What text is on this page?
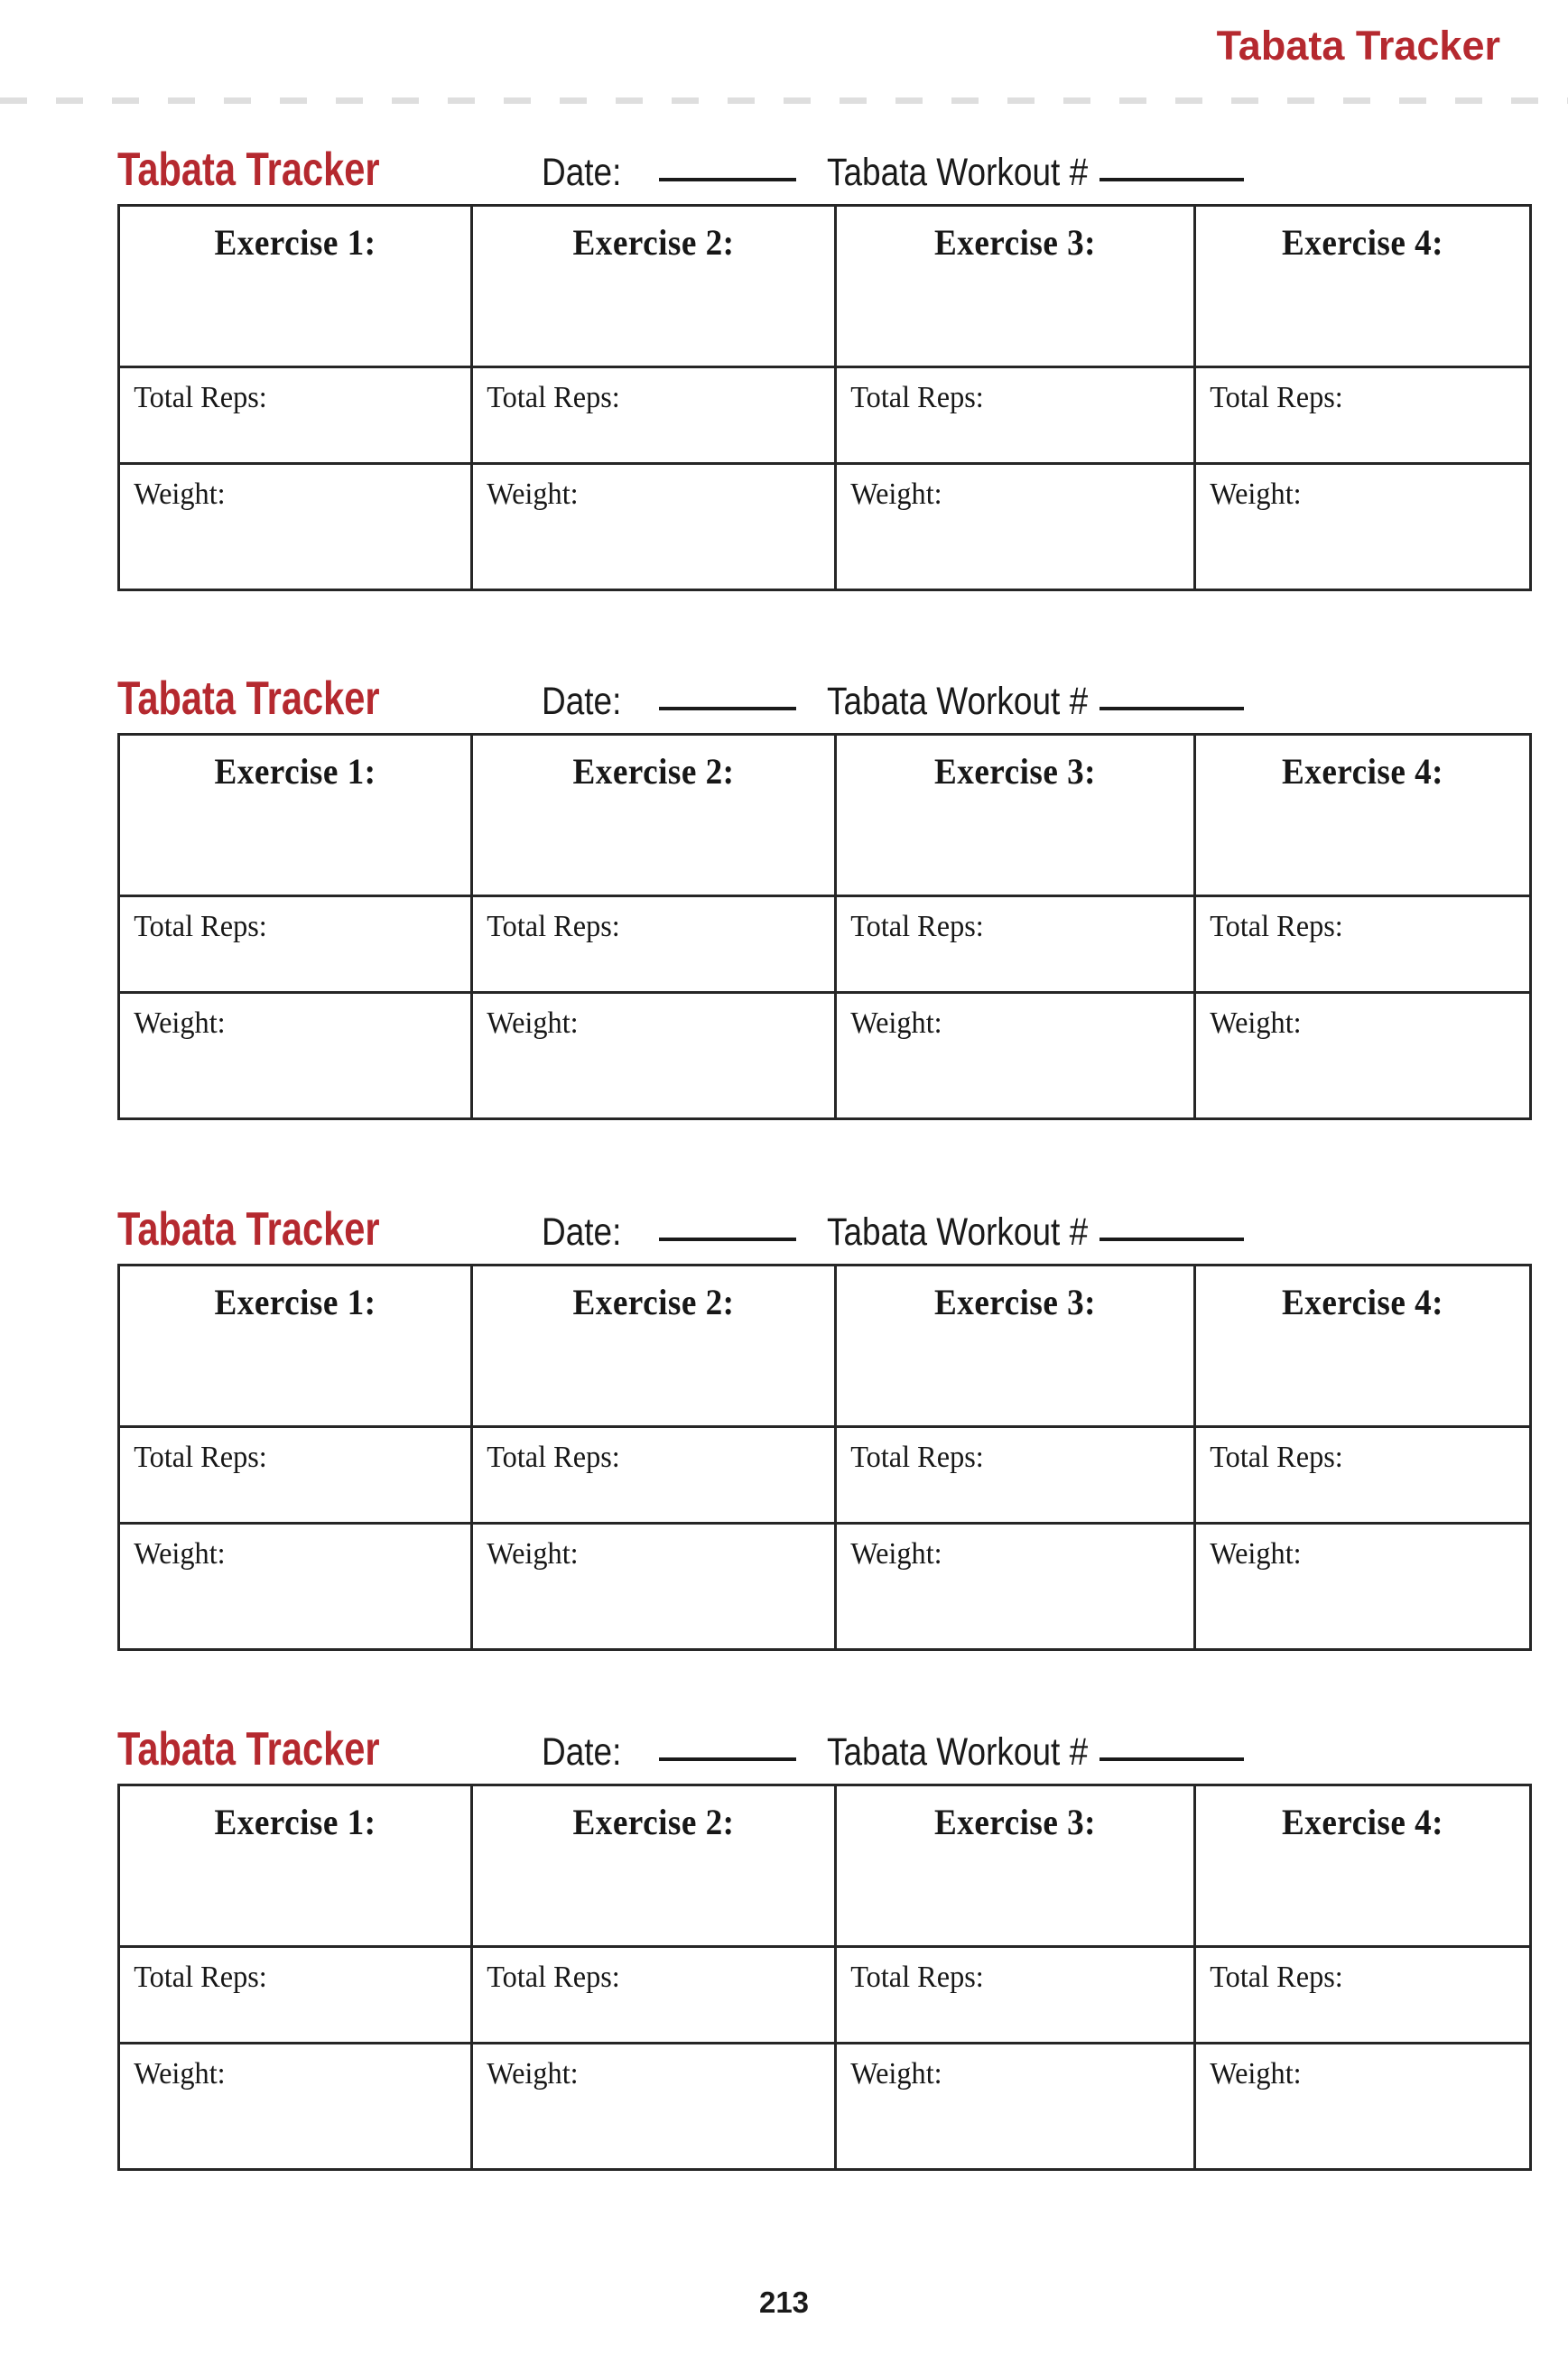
Tabata Tracker
Tabata Tracker	Date:	Tabata Workout #
Exercise 1:	Exercise 2:	Exercise 3:	Exercise 4:

Total Reps:	Total Reps:	Total Reps:	Total Reps:

Weight:	Weight:	Weight:	Weight:
Tabata Tracker	Date:	Tabata Workout #
Exercise 1:	Exercise 2:	Exercise 3:	Exercise 4:

Total Reps:	Total Reps:	Total Reps:	Total Reps:

Weight:	Weight:	Weight:	Weight:
Tabata Tracker	Date:	Tabata Workout #
Exercise 1:	Exercise 2:	Exercise 3:	Exercise 4:

Total Reps:	Total Reps:	Total Reps:	Total Reps:

Weight:	Weight:	Weight:	Weight:
Tabata Tracker	Date:	Tabata Workout #
Exercise 1:	Exercise 2:	Exercise 3:	Exercise 4:

Total Reps:	Total Reps:	Total Reps:	Total Reps:

Weight:	Weight:	Weight:	Weight:
213
